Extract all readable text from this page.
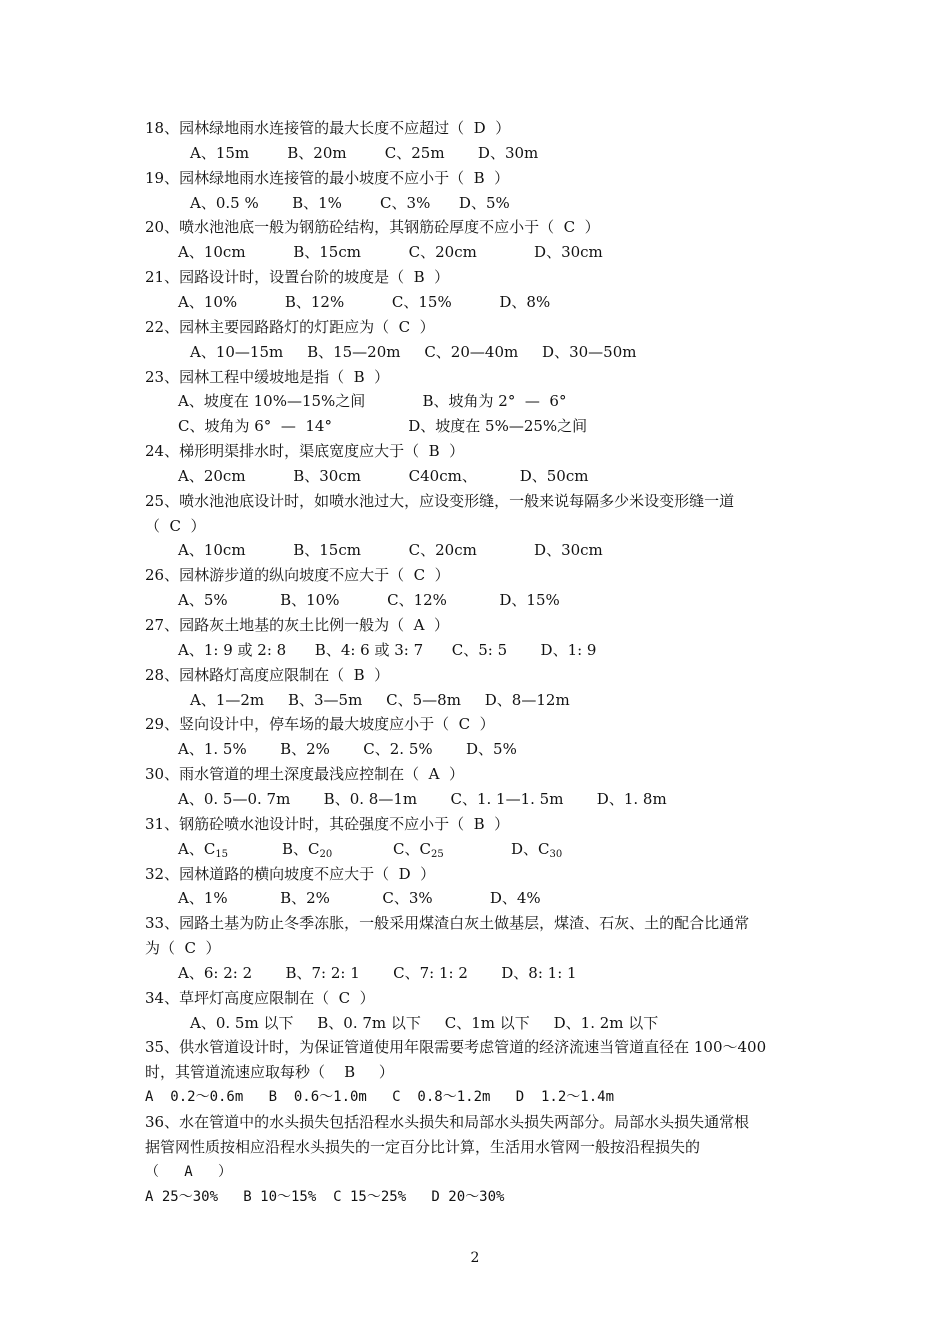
18、园林绿地雨水连接管的最大长度不应超过（  D  ）
A、15m        B、20m        C、25m       D、30m
19、园林绿地雨水连接管的最小坡度不应小于（  B  ）
A、0.5 %       B、1%        C、3%      D、5%
20、喷水池池底一般为钢筋砼结构，其钢筋砼厚度不应小于（  C  ）
A、10cm          B、15cm          C、20cm            D、30cm
21、园路设计时，设置台阶的坡度是（  B  ）
A、10%          B、12%          C、15%          D、8%
22、园林主要园路路灯的灯距应为（  C  ）
A、10—15m     B、15—20m     C、20—40m     D、30—50m
23、园林工程中缓坡地是指（  B  ）
A、坡度在 10%—15%之间            B、坡角为 2°  —  6°
C、坡角为 6°  —  14°                D、坡度在 5%—25%之间
24、梯形明渠排水时，渠底宽度应大于（  B  ）
A、20cm          B、30cm          C40cm、         D、50cm
25、喷水池池底设计时，如喷水池过大，应设变形缝，一般来说每隔多少米设变形缝一道
（  C  ）
A、10cm          B、15cm          C、20cm            D、30cm
26、园林游步道的纵向坡度不应大于（  C  ）
A、5%           B、10%          C、12%           D、15%
27、园路灰土地基的灰土比例一般为（  A  ）
A、1: 9 或 2: 8      B、4: 6 或 3: 7      C、5: 5       D、1: 9
28、园林路灯高度应限制在（  B  ）
A、1—2m     B、3—5m     C、5—8m     D、8—12m
29、竖向设计中，停车场的最大坡度应小于（  C  ）
A、1. 5%       B、2%       C、2. 5%       D、5%
30、雨水管道的埋土深度最浅应控制在（  A  ）
A、0. 5—0. 7m       B、0. 8—1m       C、1. 1—1. 5m       D、1. 8m
31、钢筋砼喷水池设计时，其砼强度不应小于（  B  ）
A、$C_{15}$	B、$C_{20}$	C、$C_{25}$	D、$C_{30}$
32、园林道路的横向坡度不应大于（  D  ）
A、1%           B、2%           C、3%            D、4%
33、园路土基为防止冬季冻胀，一般采用煤渣白灰土做基层，煤渣、石灰、土的配合比通常
为（  C  ）
A、6: 2: 2       B、7: 2: 1       C、7: 1: 2       D、8: 1: 1
34、草坪灯高度应限制在（  C  ）
A、0. 5m 以下     B、0. 7m 以下     C、1m 以下     D、1. 2m 以下
35、供水管道设计时，为保证管道使用年限需要考虑管道的经济流速当管道直径在 100～400
时，其管道流速应取每秒（    B     ）
A  0.2～0.6m   B  0.6～1.0m   C  0.8～1.2m   D  1.2～1.4m
36、水在管道中的水头损失包括沿程水头损失和局部水头损失两部分。局部水头损失通常根
据管网性质按相应沿程水头损失的一定百分比计算，生活用水管网一般按沿程损失的
（   A   ）
A 25～30%   B 10～15%  C 15～25%   D 20～30%
2
